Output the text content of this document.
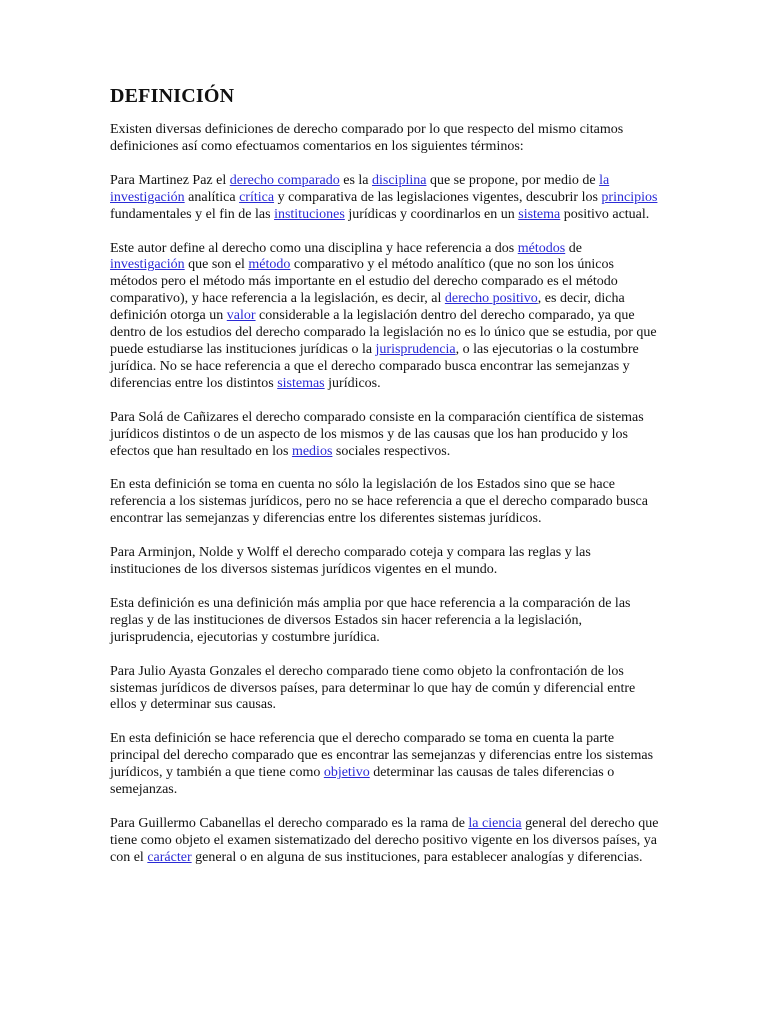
DEFINICIÓN

Existen diversas definiciones de derecho comparado por lo que respecto del mismo citamos definiciones así como efectuamos comentarios en los siguientes términos:

Para Martinez Paz el derecho comparado es la disciplina que se propone, por medio de la investigación analítica crítica y comparativa de las legislaciones vigentes, descubrir los principios fundamentales y el fin de las instituciones jurídicas y coordinarlos en un sistema positivo actual.

Este autor define al derecho como una disciplina y hace referencia a dos métodos de investigación que son el método comparativo y el método analítico (que no son los únicos métodos pero el método más importante en el estudio del derecho comparado es el método comparativo), y hace referencia a la legislación, es decir, al derecho positivo, es decir, dicha definición otorga un valor considerable a la legislación dentro del derecho comparado, ya que dentro de los estudios del derecho comparado la legislación no es lo único que se estudia, por que puede estudiarse las instituciones jurídicas o la jurisprudencia, o las ejecutorias o la costumbre jurídica. No se hace referencia a que el derecho comparado busca encontrar las semejanzas y diferencias entre los distintos sistemas jurídicos.

Para Solá de Cañizares el derecho comparado consiste en la comparación científica de sistemas jurídicos distintos o de un aspecto de los mismos y de las causas que los han producido y los efectos que han resultado en los medios sociales respectivos.

En esta definición se toma en cuenta no sólo la legislación de los Estados sino que se hace referencia a los sistemas jurídicos, pero no se hace referencia a que el derecho comparado busca encontrar las semejanzas y diferencias entre los diferentes sistemas jurídicos.

Para Arminjon, Nolde y Wolff el derecho comparado coteja y compara las reglas y las instituciones de los diversos sistemas jurídicos vigentes en el mundo.

Esta definición es una definición más amplia por que hace referencia a la comparación de las reglas y de las instituciones de diversos Estados sin hacer referencia a la legislación, jurisprudencia, ejecutorias y costumbre jurídica.

Para Julio Ayasta Gonzales el derecho comparado tiene como objeto la confrontación de los sistemas jurídicos de diversos países, para determinar lo que hay de común y diferencial entre ellos y determinar sus causas.

En esta definición se hace referencia que el derecho comparado se toma en cuenta la parte principal del derecho comparado que es encontrar las semejanzas y diferencias entre los sistemas jurídicos, y también a que tiene como objetivo determinar las causas de tales diferencias o semejanzas.

Para Guillermo Cabanellas el derecho comparado es la rama de la ciencia general del derecho que tiene como objeto el examen sistematizado del derecho positivo vigente en los diversos países, ya con el carácter general o en alguna de sus instituciones, para establecer analogías y diferencias.
